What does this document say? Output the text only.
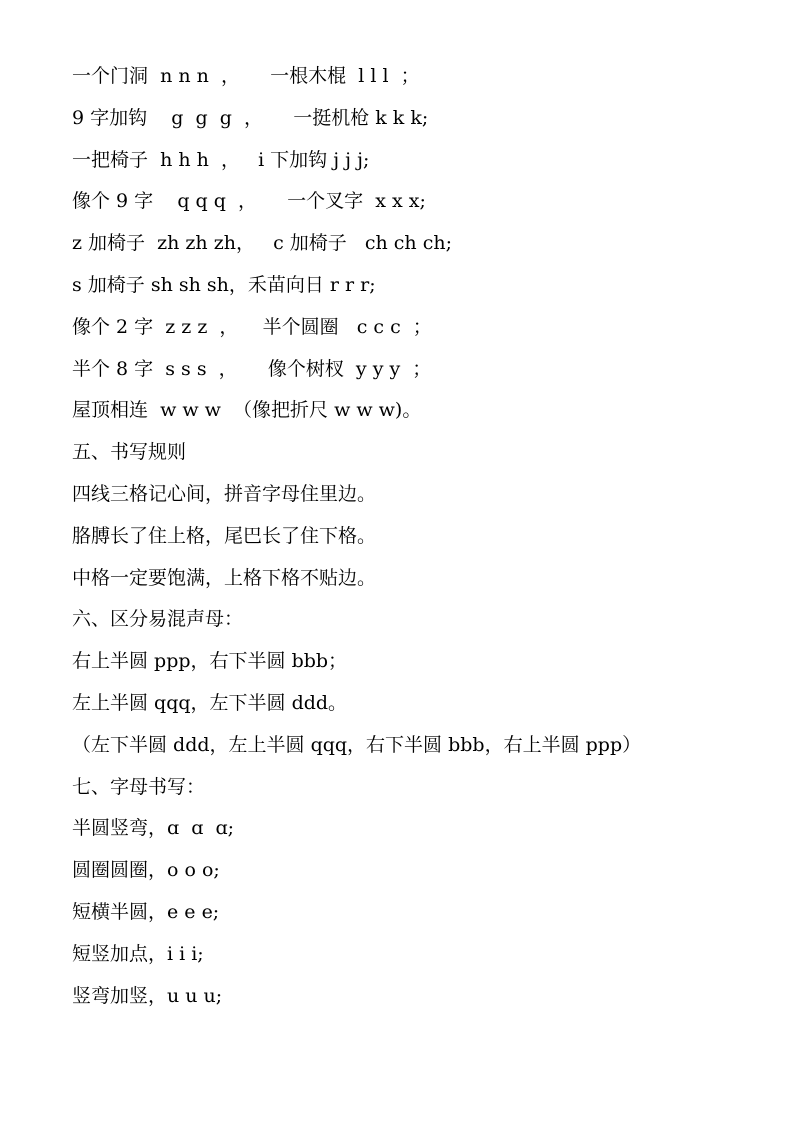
一个门洞  n n n  ，     一根木棍  l l l  ；
9 字加钩    g  g  g  ，     一挺机枪 k k k;
一把椅子  h h h  ，   i 下加钩 j j j;
像个 9 字    q q q  ，     一个叉字  x x x;
z 加椅子  zh zh zh，   c 加椅子   ch ch ch;
s 加椅子 sh sh sh，禾苗向日 r r r;
像个 2 字  z z z  ，    半个圆圈   c c c  ；
半个 8 字  s s s  ，     像个树杈  y y y  ；
屋顶相连  w w w  （像把折尺 w w w)。
五、书写规则
四线三格记心间，拼音字母住里边。
胳膊长了住上格，尾巴长了住下格。
中格一定要饱满，上格下格不贴边。
六、区分易混声母：
右上半圆 ppp，右下半圆 bbb；
左上半圆 qqq，左下半圆 ddd。
（左下半圆 ddd，左上半圆 qqq，右下半圆 bbb，右上半圆 ppp）
七、字母书写：
半圆竖弯，ɑ  ɑ  ɑ;
圆圈圆圈，o o o;
短横半圆，e e e;
短竖加点，i i i;
竖弯加竖，u u u;
